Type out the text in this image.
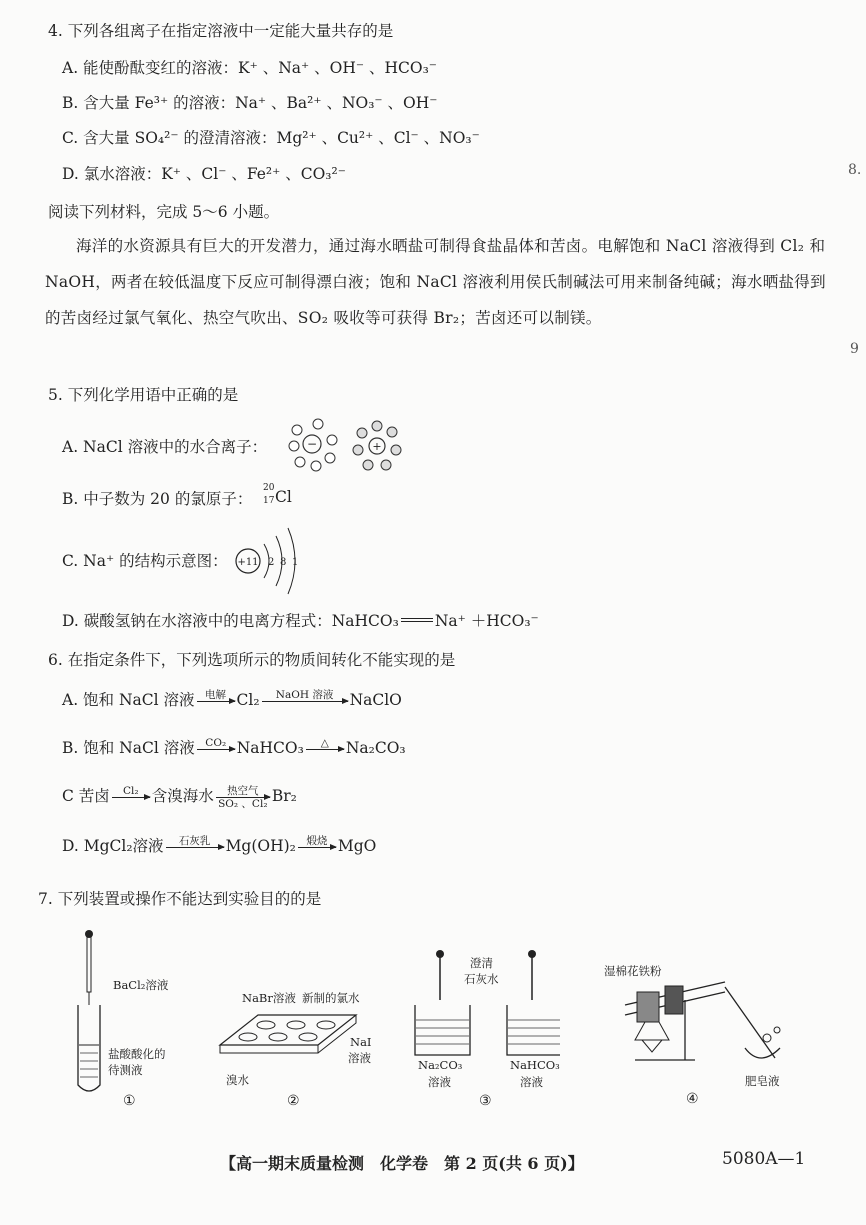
8.
9
4. 下列各组离子在指定溶液中一定能大量共存的是
A. 能使酚酞变红的溶液：K⁺ 、Na⁺ 、OH⁻ 、HCO₃⁻
B. 含大量 Fe³⁺ 的溶液：Na⁺ 、Ba²⁺ 、NO₃⁻ 、OH⁻
C. 含大量 SO₄²⁻ 的澄清溶液：Mg²⁺ 、Cu²⁺ 、Cl⁻ 、NO₃⁻
D. 氯水溶液：K⁺ 、Cl⁻ 、Fe²⁺ 、CO₃²⁻
阅读下列材料，完成 5～6 小题。
海洋的水资源具有巨大的开发潜力，通过海水晒盐可制得食盐晶体和苦卤。电解饱和 NaCl 溶液得到 Cl₂ 和 NaOH，两者在较低温度下反应可制得漂白液；饱和 NaCl 溶液利用侯氏制碱法可用来制备纯碱；海水晒盐得到的苦卤经过氯气氧化、热空气吹出、SO₂ 吸收等可获得 Br₂；苦卤还可以制镁。
5. 下列化学用语中正确的是
A. NaCl 溶液中的水合离子：	−	+
B. 中子数为 20 的氯原子：
20
17 Cl
C. Na⁺ 的结构示意图： +11 2 8 1
D. 碳酸氢钠在水溶液中的电离方程式：NaHCO₃ Na⁺ ＋HCO₃⁻
6. 在指定条件下，下列选项所示的物质间转化不能实现的是
A. 饱和 NaCl 溶液	电解
Cl₂	NaOH 溶液
	NaClO
B. 饱和 NaCl 溶液	CO₂
NaHCO₃	△
	Na₂CO₃
C 苦卤	Cl₂
含溴海水	热空气
SO₂ 、Cl₂ Br₂
D. MgCl₂溶液	石灰乳
Mg(OH)₂	煅烧
MgO
7. 下列装置或操作不能达到实验目的的是
BaCl₂溶液
盐酸酸化的
待测液
①
NaBr溶液 新制的氯水
NaI
溶液
溴水
②
澄清
石灰水
Na₂CO₃
溶液
NaHCO₃
溶液
③
湿棉花铁粉
肥皂液
④
【高一期末质量检测　化学卷　第 2 页(共 6 页)】	5080A—1
